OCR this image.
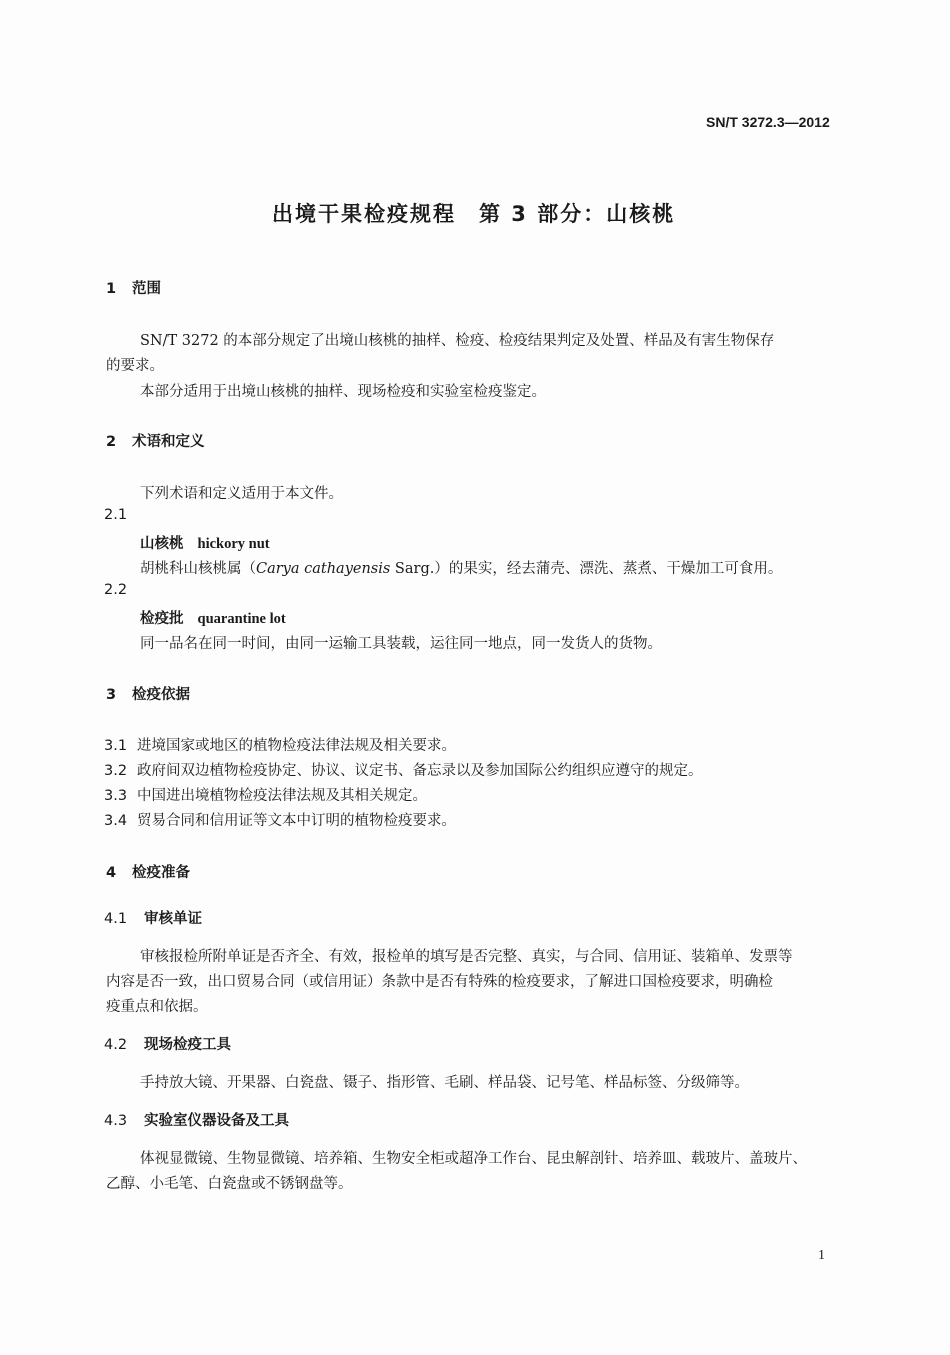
SN/T 3272.3—2012
出境干果检疫规程　第 3 部分：山核桃
1 范围
SN/T 3272 的本部分规定了出境山核桃的抽样、检疫、检疫结果判定及处置、样品及有害生物保存
的要求。
本部分适用于出境山核桃的抽样、现场检疫和实验室检疫鉴定。
2 术语和定义
下列术语和定义适用于本文件。
2.1
山核桃 hickory nut
胡桃科山核桃属（Carya cathayensis Sarg.）的果实，经去蒲壳、漂洗、蒸煮、干燥加工可食用。
2.2
检疫批 quarantine lot
同一品名在同一时间，由同一运输工具装载，运往同一地点，同一发货人的货物。
3 检疫依据
3.1 进境国家或地区的植物检疫法律法规及相关要求。
3.2 政府间双边植物检疫协定、协议、议定书、备忘录以及参加国际公约组织应遵守的规定。
3.3 中国进出境植物检疫法律法规及其相关规定。
3.4 贸易合同和信用证等文本中订明的植物检疫要求。
4 检疫准备
4.1 审核单证
审核报检所附单证是否齐全、有效，报检单的填写是否完整、真实，与合同、信用证、装箱单、发票等
内容是否一致，出口贸易合同（或信用证）条款中是否有特殊的检疫要求，了解进口国检疫要求，明确检
疫重点和依据。
4.2 现场检疫工具
手持放大镜、开果器、白瓷盘、镊子、指形管、毛刷、样品袋、记号笔、样品标签、分级筛等。
4.3 实验室仪器设备及工具
体视显微镜、生物显微镜、培养箱、生物安全柜或超净工作台、昆虫解剖针、培养皿、载玻片、盖玻片、
乙醇、小毛笔、白瓷盘或不锈钢盘等。
1
